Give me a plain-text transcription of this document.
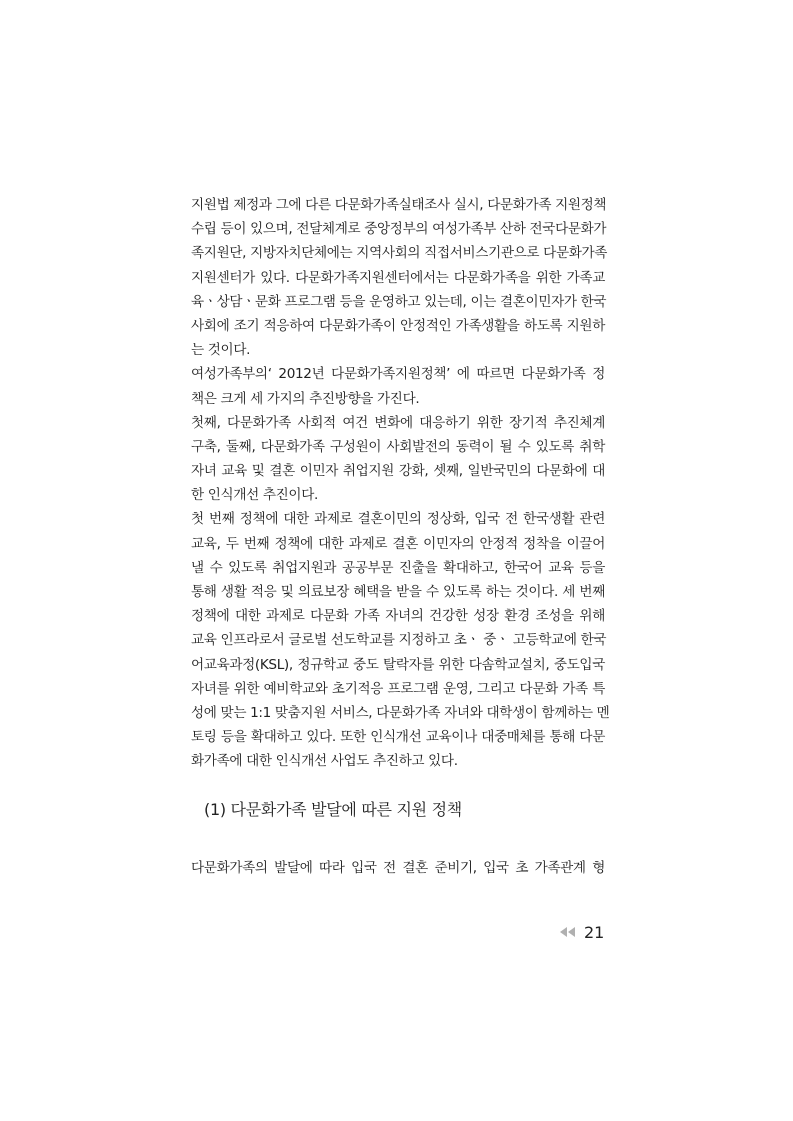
지원법 제정과 그에 다른 다문화가족실태조사 실시, 다문화가족 지원정책
수립 등이 있으며, 전달체계로 중앙정부의 여성가족부 산하 전국다문화가
족지원단, 지방자치단체에는 지역사회의 직접서비스기관으로 다문화가족
지원센터가 있다. 다문화가족지원센터에서는 다문화가족을 위한 가족교
육ㆍ상담ㆍ문화 프로그램 등을 운영하고 있는데, 이는 결혼이민자가 한국
사회에 조기 적응하여 다문화가족이 안정적인 가족생활을 하도록 지원하
는 것이다.
여성가족부의‘ 2012년 다문화가족지원정책’ 에 따르면 다문화가족 정
책은 크게 세 가지의 추진방향을 가진다.
첫째, 다문화가족 사회적 여건 변화에 대응하기 위한 장기적 추진체계
구축, 둘째, 다문화가족 구성원이 사회발전의 동력이 될 수 있도록 취학
자녀 교육 및 결혼 이민자 취업지원 강화, 셋째, 일반국민의 다문화에 대
한 인식개선 추진이다.
첫 번째 정책에 대한 과제로 결혼이민의 정상화, 입국 전 한국생활 관련
교육, 두 번째 정책에 대한 과제로 결혼 이민자의 안정적 정착을 이끌어
낼 수 있도록 취업지원과 공공부문 진출을 확대하고, 한국어 교육 등을
통해 생활 적응 및 의료보장 혜택을 받을 수 있도록 하는 것이다. 세 번째
정책에 대한 과제로 다문화 가족 자녀의 건강한 성장 환경 조성을 위해
교육 인프라로서 글로벌 선도학교를 지정하고 초ㆍ 중ㆍ 고등학교에 한국
어교육과정(KSL), 정규학교 중도 탈락자를 위한 다솜학교설치, 중도입국
자녀를 위한 예비학교와 초기적응 프로그램 운영, 그리고 다문화 가족 특
성에 맞는 1:1 맞춤지원 서비스, 다문화가족 자녀와 대학생이 함께하는 멘
토링 등을 확대하고 있다. 또한 인식개선 교육이나 대중매체를 통해 다문
화가족에 대한 인식개선 사업도 추진하고 있다.
(1) 다문화가족 발달에 따른 지원 정책
다문화가족의 발달에 따라 입국 전 결혼 준비기, 입국 초 가족관계 형
21
